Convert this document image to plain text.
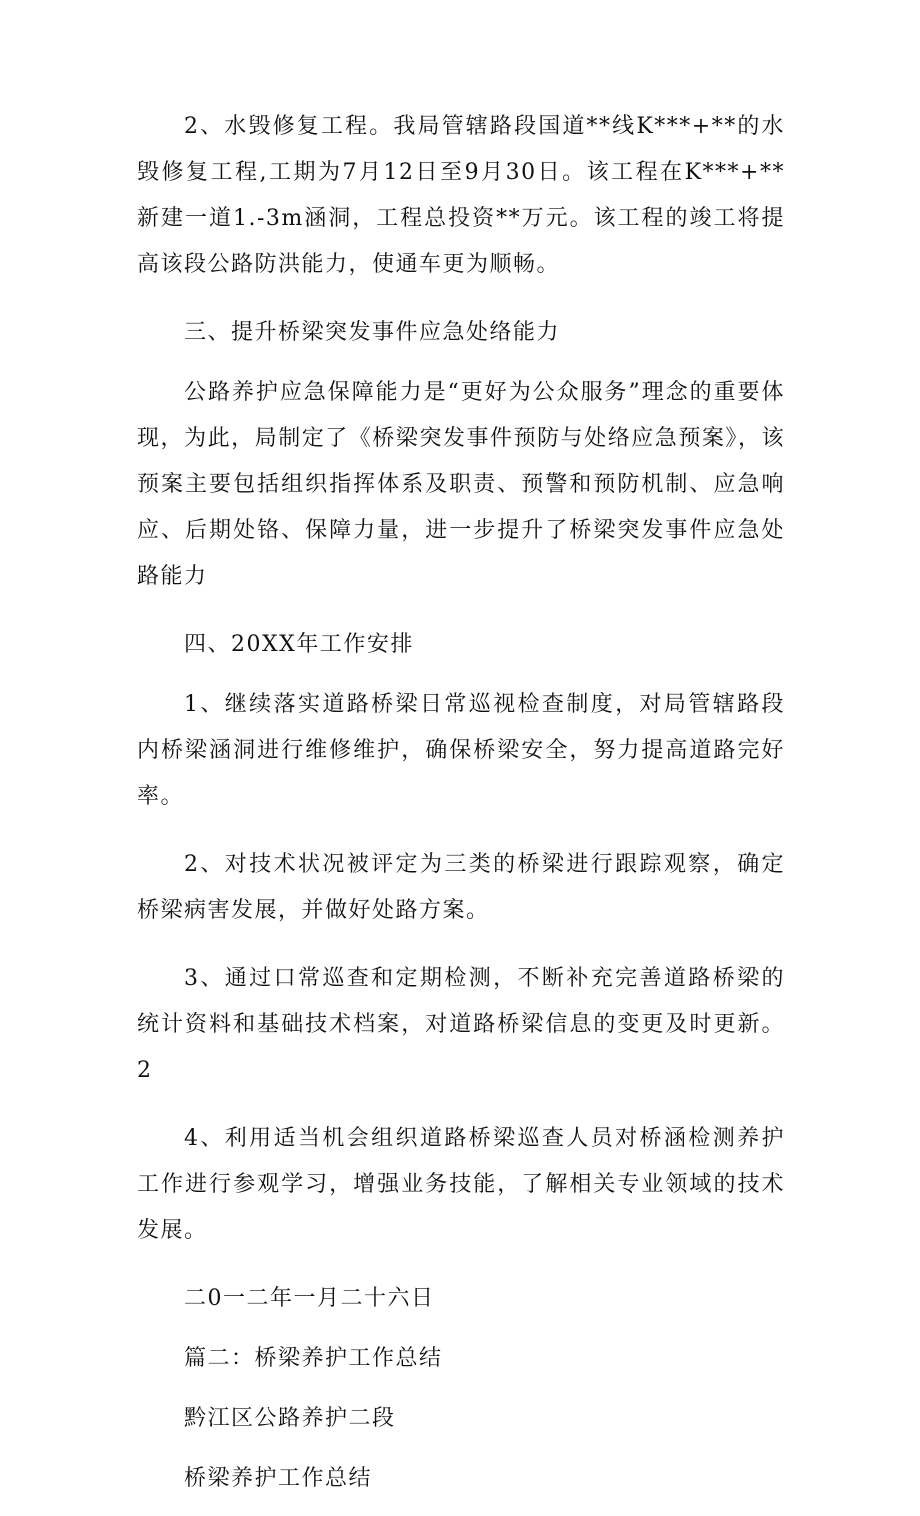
2、水毁修复工程。我局管辖路段国道**线K***+**的水毁修复工程,工期为7月12日至9月30日。该工程在K***+**新建一道1.-3m涵洞，工程总投资**万元。该工程的竣工将提高该段公路防洪能力，使通车更为顺畅。

三、提升桥梁突发事件应急处络能力

公路养护应急保障能力是“更好为公众服务”理念的重要体现，为此，局制定了《桥梁突发事件预防与处络应急预案》，该预案主要包括组织指挥体系及职责、预警和预防机制、应急响应、后期处铬、保障力量，进一步提升了桥梁突发事件应急处路能力

四、20XX年工作安排

1、继续落实道路桥梁日常巡视检查制度，对局管辖路段内桥梁涵洞进行维修维护，确保桥梁安全，努力提高道路完好率。

2、对技术状况被评定为三类的桥梁进行跟踪观察，确定桥梁病害发展，并做好处路方案。

3、通过口常巡查和定期检测，不断补充完善道路桥梁的统计资料和基础技术档案，对道路桥梁信息的变更及时更新。2

4、利用适当机会组织道路桥梁巡查人员对桥涵检测养护工作进行参观学习，增强业务技能，了解相关专业领域的技术发展。

二0一二年一月二十六日

篇二：桥梁养护工作总结

黔江区公路养护二段

桥梁养护工作总结
